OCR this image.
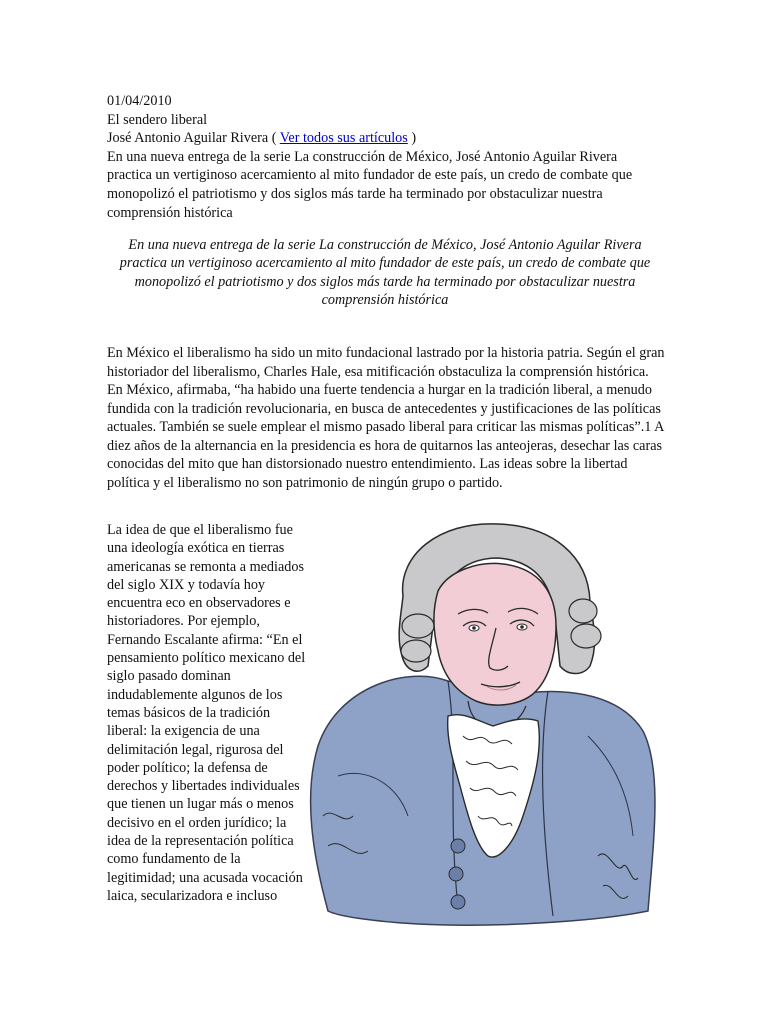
01/04/2010
El sendero liberal
José Antonio Aguilar Rivera ( Ver todos sus artículos )
En una nueva entrega de la serie La construcción de México, José Antonio Aguilar Rivera practica un vertiginoso acercamiento al mito fundador de este país, un credo de combate que monopolizó el patriotismo y dos siglos más tarde ha terminado por obstaculizar nuestra comprensión histórica
En una nueva entrega de la serie La construcción de México, José Antonio Aguilar Rivera practica un vertiginoso acercamiento al mito fundador de este país, un credo de combate que monopolizó el patriotismo y dos siglos más tarde ha terminado por obstaculizar nuestra comprensión histórica
En México el liberalismo ha sido un mito fundacional lastrado por la historia patria. Según el gran historiador del liberalismo, Charles Hale, esa mitificación obstaculiza la comprensión histórica. En México, afirmaba, “ha habido una fuerte tendencia a hurgar en la tradición liberal, a menudo fundida con la tradición revolucionaria, en busca de antecedentes y justificaciones de las políticas actuales. También se suele emplear el mismo pasado liberal para criticar las mismas políticas”.1 A diez años de la alternancia en la presidencia es hora de quitarnos las anteojeras, desechar las caras conocidas del mito que han distorsionado nuestro entendimiento. Las ideas sobre la libertad política y el liberalismo no son patrimonio de ningún grupo o partido.
La idea de que el liberalismo fue una ideología exótica en tierras americanas se remonta a mediados del siglo XIX y todavía hoy encuentra eco en observadores e historiadores. Por ejemplo, Fernando Escalante afirma: “En el pensamiento político mexicano del siglo pasado dominan indudablemente algunos de los temas básicos de la tradición liberal: la exigencia de una delimitación legal, rigurosa del poder político; la defensa de derechos y libertades individuales que tienen un lugar más o menos decisivo en el orden jurídico; la idea de la representación política como fundamento de la legitimidad; una acusada vocación laica, secularizadora e incluso
